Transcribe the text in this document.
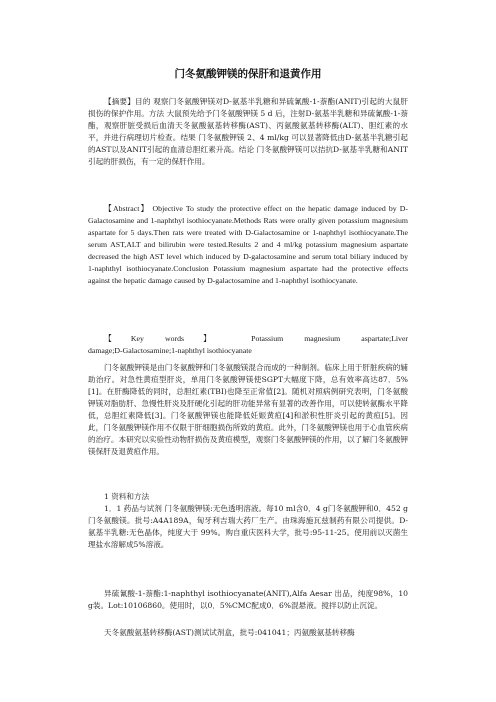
门冬氨酸钾镁的保肝和退黄作用

【摘要】目的 观察门冬氨酸钾镁对D-氨基半乳糖和异硫氰酸-1-萘酯(ANIT)引起的大鼠肝损伤的保护作用。方法 大鼠预先给予门冬氨酸钾镁 5 d 后，注射D-氨基半乳糖和异硫氰酸-1-萘酯，观察肝脏受损后血清天冬氨酸氨基转移酶(AST)、丙氨酸氨基转移酶(ALT)、胆红素的水平，并进行病理切片检查。结果 门冬氨酸钾镁 2、4 ml/kg 可以显著降低由D-氨基半乳糖引起的AST以及ANIT引起的血清总胆红素升高。结论 门冬氨酸钾镁可以拮抗D-氨基半乳糖和ANIT引起的肝损伤，有一定的保肝作用。

【Abstract】 Objective To study the protective effect on the hepatic damage induced by D-Galactosamine and 1-naphthyl isothiocyanate.Methods Rats were orally given potassium magnesium aspartate for 5 days.Then rats were treated with D-Galactosamine or 1-naphthyl isothiocyanate.The serum AST,ALT and bilirubin were tested.Results 2 and 4 ml/kg potassium magnesium aspartate decreased the high AST level which induced by D-galactosamine and serum total biliary induced by 1-naphthyl isothiocyanate.Conclusion Potassium magnesium aspartate had the protective effects against the hepatic damage caused by D-galactosamine and 1-naphthyl isothiocyanate.

【Key words】 Potassium magnesium aspartate;Liver
damage;D-Galactosamine;1-naphthyl isothiocyanate

门冬氨酸钾镁是由门冬氨酸钾和门冬氨酸镁混合而成的一种制剂。临床上用于肝脏疾病的辅助治疗。对急性黄疸型肝炎，单用门冬氨酸钾镁使SGPT大幅度下降，总有效率高达87．5%[1]。在肝酶降低的同时，总胆红素(TBI)也降至正常值[2]。随机对照病例研究表明，门冬氨酸钾镁对脂肪肝、急慢性肝炎及肝硬化引起的肝功能异常有显著的改善作用，可以使转氨酶水平降低，总胆红素降低[3]。门冬氨酸钾镁也能降低妊娠黄疸[4]和淤积性肝炎引起的黄疸[5]。因此，门冬氨酸钾镁作用不仅限于肝细胞损伤所致的黄疸。此外，门冬氨酸钾镁也用于心血管疾病的治疗。本研究以实验性动物肝损伤及黄疸模型，观察门冬氨酸钾镁的作用，以了解门冬氨酸钾镁保肝及退黄疸作用。

1 资料和方法

1．1 药品与试剂 门冬氨酸钾镁:无色透明溶液。每10 ml含0．4 g门冬氨酸钾和0．452 g门冬氨酸镁。批号:A4A189A，匈牙利吉瑞大药厂生产。由珠海施瓦兹制药有限公司提供。D-氨基半乳糖:无色晶体，纯度大于 99%。购自重庆医科大学，批号:95-11-25。使用前以灭菌生理盐水溶解成5%溶液。

异硫氰酸-1-萘酯:1-naphthyl isothiocyanate(ANIT),Alfa Aesar 出品，纯度98%，10 g装。Lot:10106860。使用时，以0．5%CMC配成0．6%混悬液。搅拌以防止沉淀。

天冬氨酸氨基转移酶(AST)测试试剂盒，批号:041041；丙氨酸氨基转移酶
